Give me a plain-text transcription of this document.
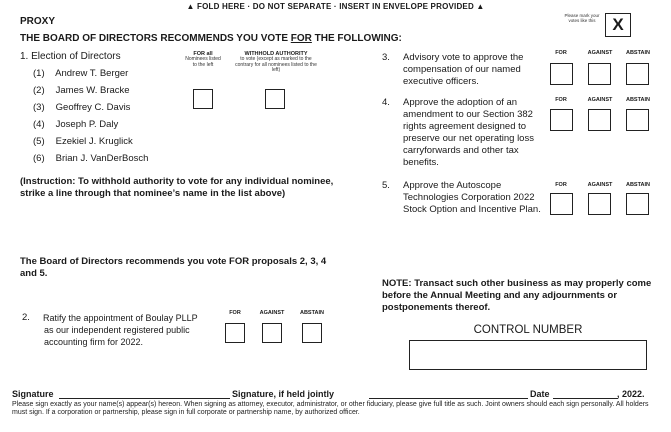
▲ FOLD HERE · DO NOT SEPARATE · INSERT IN ENVELOPE PROVIDED ▲
PROXY
Please mark your votes like this X
THE BOARD OF DIRECTORS RECOMMENDS YOU VOTE FOR THE FOLLOWING:
1. Election of Directors
(1) Andrew T. Berger
(2) James W. Bracke
(3) Geoffrey C. Davis
(4) Joseph P. Daly
(5) Ezekiel J. Kruglick
(6) Brian J. VanDerBosch
FOR all
Nominees listed to the left
WITHHOLD AUTHORITY
to vote (except as marked to the contrary for all nominees listed to the left)
(Instruction: To withhold authority to vote for any individual nominee, strike a line through that nominee’s name in the list above)
The Board of Directors recommends you vote FOR proposals 2, 3, 4 and 5.
2. Ratify the appointment of Boulay PLLP
as our independent registered public
accounting firm for 2022.
FOR	AGAINST	ABSTAIN
FOR	AGAINST	ABSTAIN
3. Advisory vote to approve the compensation of our named executive officers.
FOR	AGAINST	ABSTAIN
4. Approve the adoption of an amendment to our Section 382 rights agreement designed to preserve our net operating loss carryforwards and other tax benefits.
FOR	AGAINST	ABSTAIN
5. Approve the Autoscope Technologies Corporation 2022 Stock Option and Incentive Plan.
NOTE: Transact such other business as may properly come before the Annual Meeting and any adjournments or postponements thereof.
CONTROL NUMBER
Signature	Signature, if held jointly	Date	, 2022.
Please sign exactly as your name(s) appear(s) hereon. When signing as attorney, executor, administrator, or other fiduciary, please give full title as such. Joint owners should each sign personally. All holders must sign. If a corporation or partnership, please sign in full corporate or partnership name, by authorized officer.
